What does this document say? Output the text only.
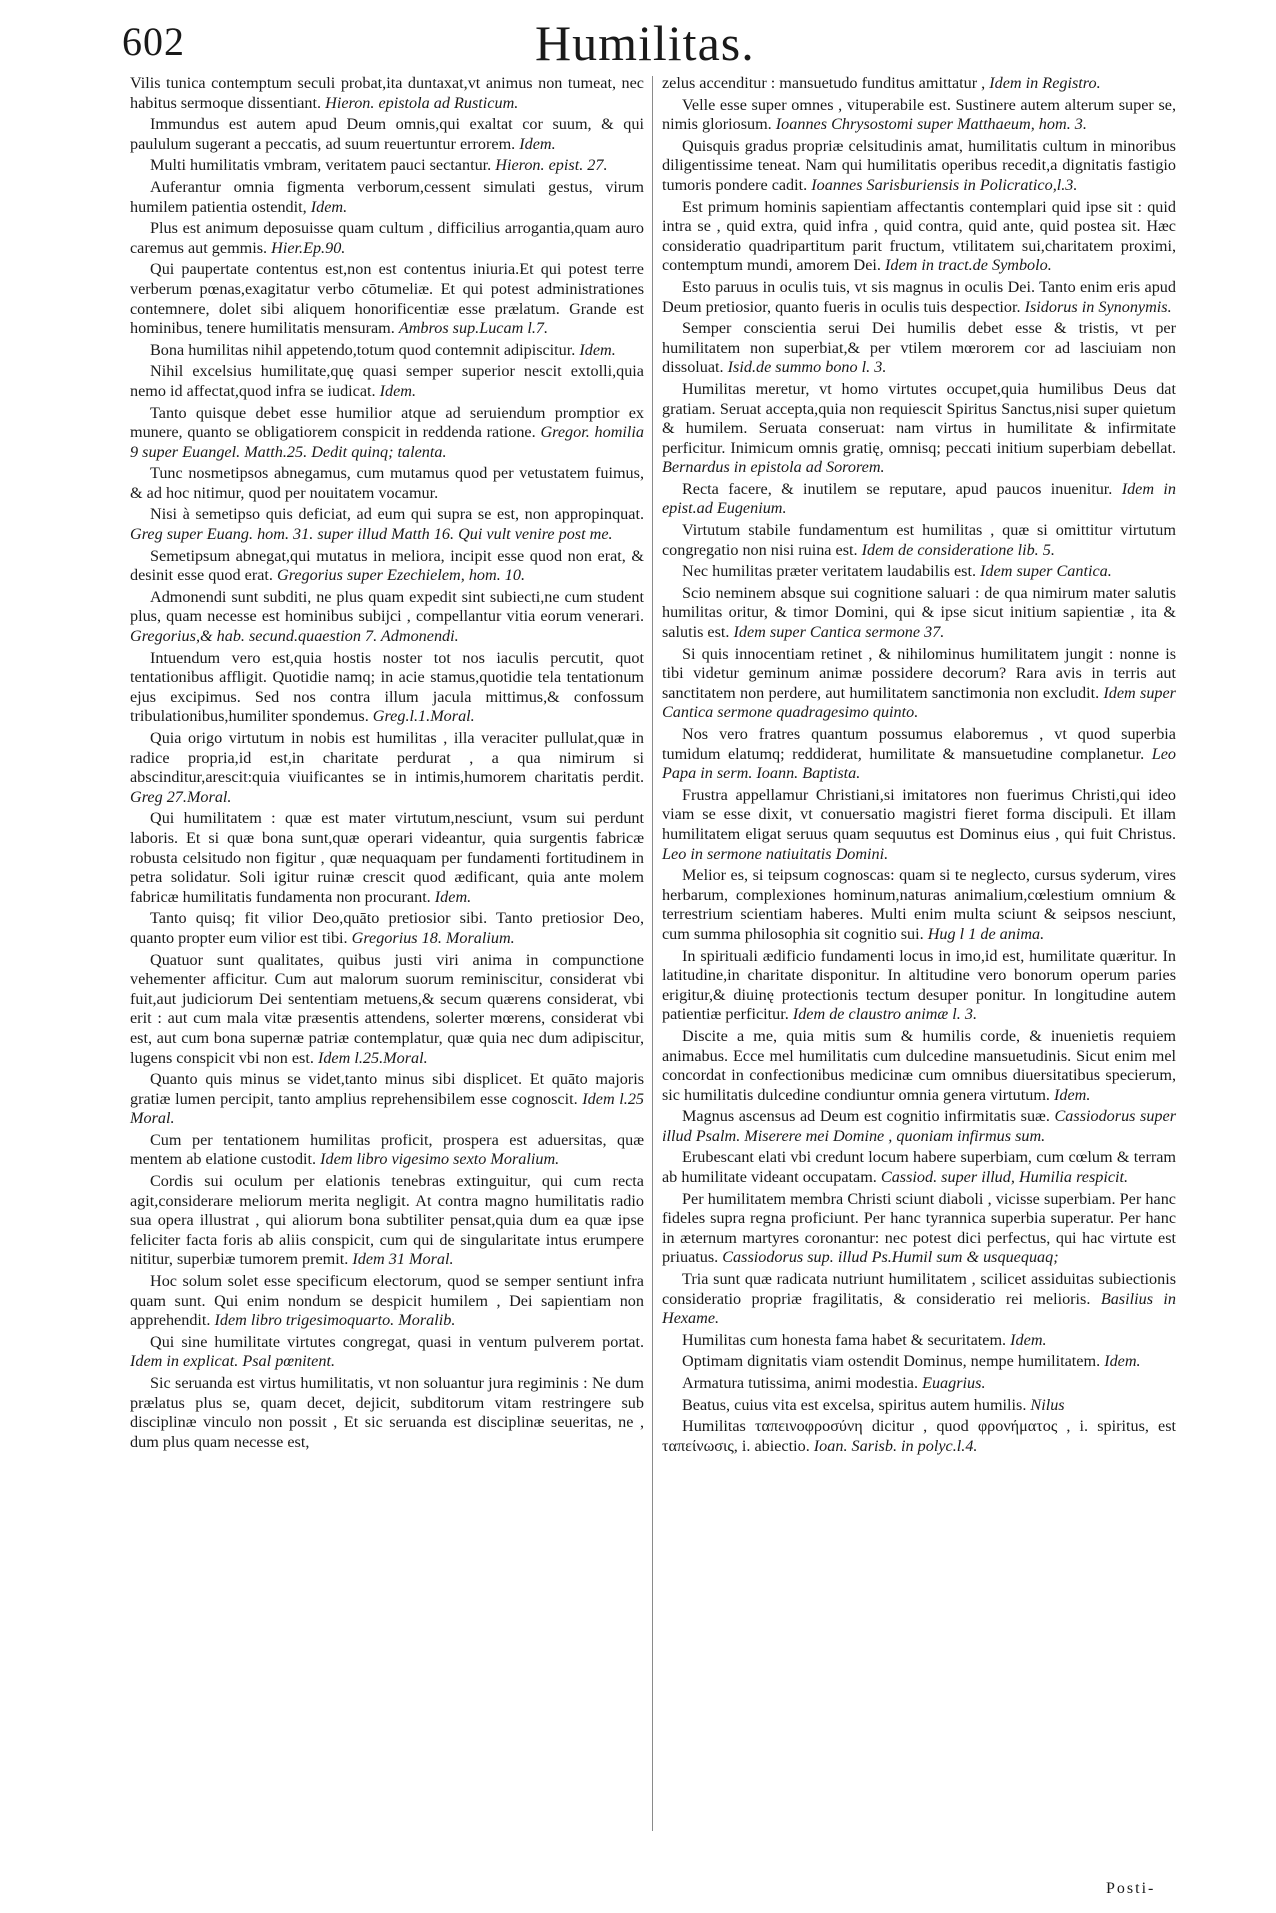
602	Humilitas.

Vilis tunica contemptum seculi probat,ita duntaxat,vt animus non tumeat, nec habitus sermoque dissentiant. Hieron. epistola ad Rusticum.

Immundus est autem apud Deum omnis,qui exaltat cor suum, & qui paululum sugerant a peccatis, ad suum reuertuntur errorem. Idem.

Multi humilitatis vmbram, veritatem pauci sectantur. Hieron. epist. 27.

Auferantur omnia figmenta verborum,cessent simulati gestus, virum humilem patientia ostendit, Idem.

Plus est animum deposuisse quam cultum , difficilius arrogantia,quam auro caremus aut gemmis. Hier.Ep.90.

Qui paupertate contentus est,non est contentus iniuria.Et qui potest terre verberum pœnas,exagitatur verbo cōtumeliæ. Et qui potest administrationes contemnere, dolet sibi aliquem honorificentiæ esse prælatum. Grande est hominibus, tenere humilitatis mensuram. Ambros sup.Lucam l.7.

Bona humilitas nihil appetendo,totum quod contemnit adipiscitur. Idem.

Nihil excelsius humilitate,quę quasi semper superior nescit extolli,quia nemo id affectat,quod infra se iudicat. Idem.

Tanto quisque debet esse humilior atque ad seruiendum promptior ex munere, quanto se obligatiorem conspicit in reddenda ratione. Gregor. homilia 9 super Euangel. Matth.25. Dedit quinq; talenta.

Tunc nosmetipsos abnegamus, cum mutamus quod per vetustatem fuimus, & ad hoc nitimur, quod per nouitatem vocamur.

Nisi à semetipso quis deficiat, ad eum qui supra se est, non appropinquat. Greg super Euang. hom. 31. super illud Matth 16. Qui vult venire post me.

Semetipsum abnegat,qui mutatus in meliora, incipit esse quod non erat, & desinit esse quod erat. Gregorius super Ezechielem, hom. 10.

Admonendi sunt subditi, ne plus quam expedit sint subiecti,ne cum student plus, quam necesse est hominibus subijci , compellantur vitia eorum venerari. Gregorius,& hab. secund.quaestion 7. Admonendi.

Intuendum vero est,quia hostis noster tot nos iaculis percutit, quot tentationibus affligit. Quotidie namq; in acie stamus,quotidie tela tentationum ejus excipimus. Sed nos contra illum jacula mittimus,& confossum tribulationibus,humiliter spondemus. Greg.l.1.Moral.

Quia origo virtutum in nobis est humilitas , illa veraciter pullulat,quæ in radice propria,id est,in charitate perdurat , a qua nimirum si abscinditur,arescit:quia viuificantes se in intimis,humorem charitatis perdit. Greg 27.Moral.

Qui humilitatem : quæ est mater virtutum,nesciunt, vsum sui perdunt laboris. Et si quæ bona sunt,quæ operari videantur, quia surgentis fabricæ robusta celsitudo non figitur , quæ nequaquam per fundamenti fortitudinem in petra solidatur. Soli igitur ruinæ crescit quod ædificant, quia ante molem fabricæ humilitatis fundamenta non procurant. Idem.

Tanto quisq; fit vilior Deo,quāto pretiosior sibi. Tanto pretiosior Deo, quanto propter eum vilior est tibi. Gregorius 18. Moralium.

Quatuor sunt qualitates, quibus justi viri anima in compunctione vehementer afficitur. Cum aut malorum suorum reminiscitur, considerat vbi fuit,aut judiciorum Dei sententiam metuens,& secum quærens considerat, vbi erit : aut cum mala vitæ præsentis attendens, solerter mœrens, considerat vbi est, aut cum bona supernæ patriæ contemplatur, quæ quia nec dum adipiscitur, lugens conspicit vbi non est. Idem l.25.Moral.

Quanto quis minus se videt,tanto minus sibi displicet. Et quāto majoris gratiæ lumen percipit, tanto amplius reprehensibilem esse cognoscit. Idem l.25 Moral.

Cum per tentationem humilitas proficit, prospera est aduersitas, quæ mentem ab elatione custodit. Idem libro vigesimo sexto Moralium.

Cordis sui oculum per elationis tenebras extinguitur, qui cum recta agit,considerare meliorum merita negligit. At contra magno humilitatis radio sua opera illustrat , qui aliorum bona subtiliter pensat,quia dum ea quæ ipse feliciter facta foris ab aliis conspicit, cum qui de singularitate intus erumpere nititur, superbiæ tumorem premit. Idem 31 Moral.

Hoc solum solet esse specificum electorum, quod se semper sentiunt infra quam sunt. Qui enim nondum se despicit humilem , Dei sapientiam non apprehendit. Idem libro trigesimoquarto. Moralib.

Qui sine humilitate virtutes congregat, quasi in ventum pulverem portat. Idem in explicat. Psal pœnitent.

Sic seruanda est virtus humilitatis, vt non soluantur jura regiminis : Ne dum prælatus plus se, quam decet, dejicit, subditorum vitam restringere sub disciplinæ vinculo non possit , Et sic seruanda est disciplinæ seueritas, ne , dum plus quam necesse est,

zelus accenditur : mansuetudo funditus amittatur , Idem in Registro.

Velle esse super omnes , vituperabile est. Sustinere autem alterum super se, nimis gloriosum. Ioannes Chrysostomi super Matthaeum, hom. 3.

Quisquis gradus propriæ celsitudinis amat, humilitatis cultum in minoribus diligentissime teneat. Nam qui humilitatis operibus recedit,a dignitatis fastigio tumoris pondere cadit. Ioannes Sarisburiensis in Policratico,l.3.

Est primum hominis sapientiam affectantis contemplari quid ipse sit : quid intra se , quid extra, quid infra , quid contra, quid ante, quid postea sit. Hæc consideratio quadripartitum parit fructum, vtilitatem sui,charitatem proximi, contemptum mundi, amorem Dei. Idem in tract.de Symbolo.

Esto paruus in oculis tuis, vt sis magnus in oculis Dei. Tanto enim eris apud Deum pretiosior, quanto fueris in oculis tuis despectior. Isidorus in Synonymis.

Semper conscientia serui Dei humilis debet esse & tristis, vt per humilitatem non superbiat,& per vtilem mœrorem cor ad lasciuiam non dissoluat. Isid.de summo bono l. 3.

Humilitas meretur, vt homo virtutes occupet,quia humilibus Deus dat gratiam. Seruat accepta,quia non requiescit Spiritus Sanctus,nisi super quietum & humilem. Seruata conseruat: nam virtus in humilitate & infirmitate perficitur. Inimicum omnis gratię, omnisq; peccati initium superbiam debellat. Bernardus in epistola ad Sororem.

Recta facere, & inutilem se reputare, apud paucos inuenitur. Idem in epist.ad Eugenium.

Virtutum stabile fundamentum est humilitas , quæ si omittitur virtutum congregatio non nisi ruina est. Idem de consideratione lib. 5.

Nec humilitas præter veritatem laudabilis est. Idem super Cantica.

Scio neminem absque sui cognitione saluari : de qua nimirum mater salutis humilitas oritur, & timor Domini, qui & ipse sicut initium sapientiæ , ita & salutis est. Idem super Cantica sermone 37.

Si quis innocentiam retinet , & nihilominus humilitatem jungit : nonne is tibi videtur geminum animæ possidere decorum? Rara avis in terris aut sanctitatem non perdere, aut humilitatem sanctimonia non excludit. Idem super Cantica sermone quadragesimo quinto.

Nos vero fratres quantum possumus elaboremus , vt quod superbia tumidum elatumq; reddiderat, humilitate & mansuetudine complanetur. Leo Papa in serm. Ioann. Baptista.

Frustra appellamur Christiani,si imitatores non fuerimus Christi,qui ideo viam se esse dixit, vt conuersatio magistri fieret forma discipuli. Et illam humilitatem eligat seruus quam sequutus est Dominus eius , qui fuit Christus. Leo in sermone natiuitatis Domini.

Melior es, si teipsum cognoscas: quam si te neglecto, cursus syderum, vires herbarum, complexiones hominum,naturas animalium,cœlestium omnium & terrestrium scientiam haberes. Multi enim multa sciunt & seipsos nesciunt, cum summa philosophia sit cognitio sui. Hug l 1 de anima.

In spirituali ædificio fundamenti locus in imo,id est, humilitate quæritur. In latitudine,in charitate disponitur. In altitudine vero bonorum operum paries erigitur,& diuinę protectionis tectum desuper ponitur. In longitudine autem patientiæ perficitur. Idem de claustro animæ l. 3.

Discite a me, quia mitis sum & humilis corde, & inuenietis requiem animabus. Ecce mel humilitatis cum dulcedine mansuetudinis. Sicut enim mel concordat in confectionibus medicinæ cum omnibus diuersitatibus specierum, sic humilitatis dulcedine condiuntur omnia genera virtutum. Idem.

Magnus ascensus ad Deum est cognitio infirmitatis suæ. Cassiodorus super illud Psalm. Miserere mei Domine , quoniam infirmus sum.

Erubescant elati vbi credunt locum habere superbiam, cum cœlum & terram ab humilitate videant occupatam. Cassiod. super illud, Humilia respicit.

Per humilitatem membra Christi sciunt diaboli , vicisse superbiam. Per hanc fideles supra regna proficiunt. Per hanc tyrannica superbia superatur. Per hanc in æternum martyres coronantur: nec potest dici perfectus, qui hac virtute est priuatus. Cassiodorus sup. illud Ps.Humil sum & usquequaq;

Tria sunt quæ radicata nutriunt humilitatem , scilicet assiduitas subiectionis consideratio propriæ fragilitatis, & consideratio rei melioris. Basilius in Hexame.

Humilitas cum honesta fama habet & securitatem. Idem.

Optimam dignitatis viam ostendit Dominus, nempe humilitatem. Idem.

Armatura tutissima, animi modestia. Euagrius.

Beatus, cuius vita est excelsa, spiritus autem humilis. Nilus

Humilitas ταπεινοφροσύνη dicitur , quod φρονήματος , i. spiritus, est ταπείνωσις, i. abiectio. Ioan. Sarisb. in polyc.l.4.

Posti-
